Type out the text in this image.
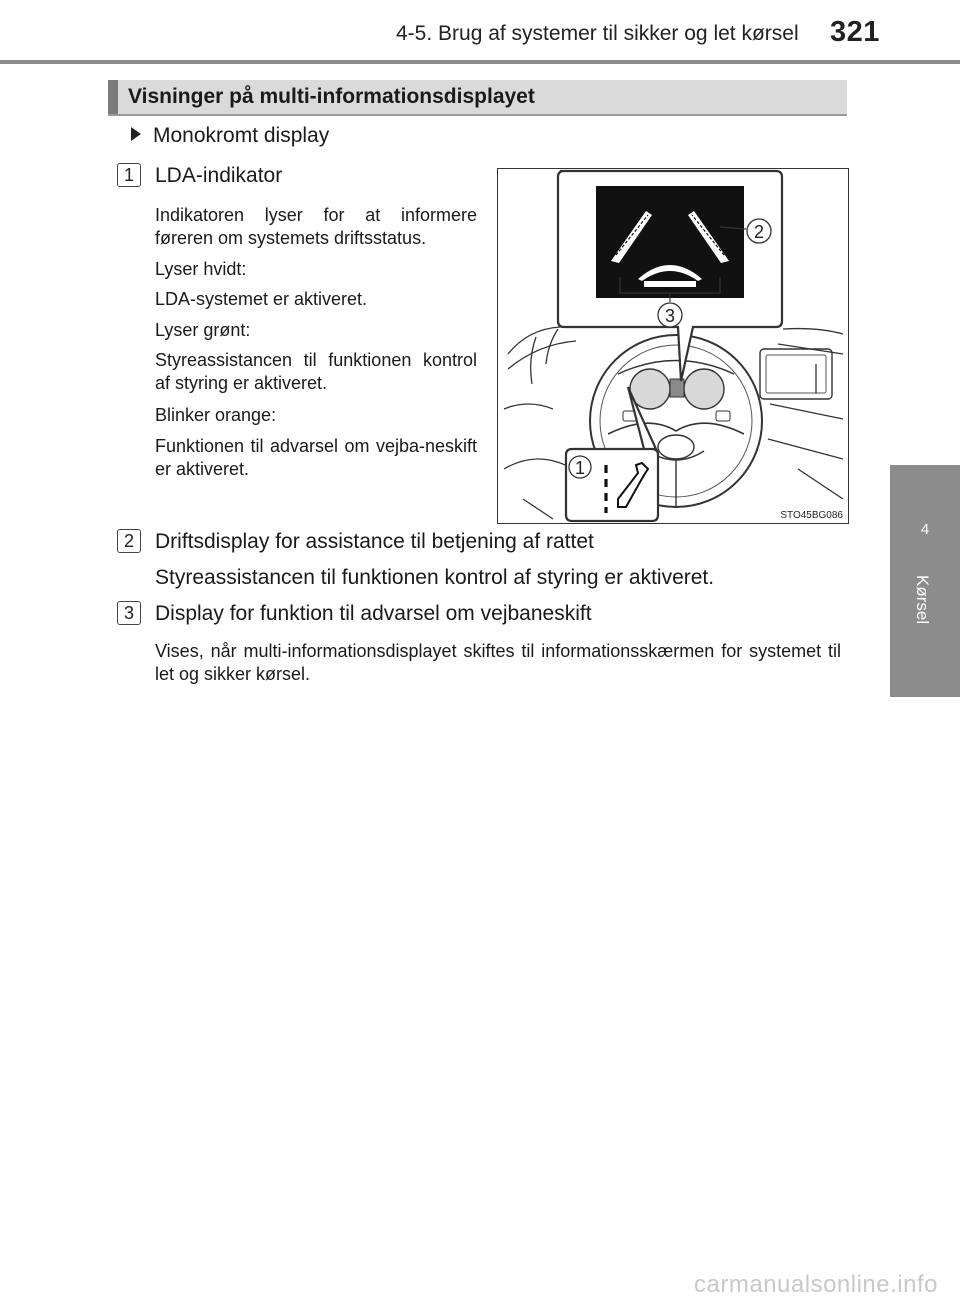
4-5. Brug af systemer til sikker og let kørsel 321
4
Kørsel
Visninger på multi-informationsdisplayet
Monokromt display
1	LDA-indikator
Indikatoren lyser for at informere føreren om systemets driftsstatus.
Lyser hvidt:
LDA-systemet er aktiveret.
Lyser grønt:
Styreassistancen til funktionen kontrol af styring er aktiveret.
Blinker orange:
Funktionen til advarsel om vejba-neskift er aktiveret.
2
3
1
STO45BG086
2	Driftsdisplay for assistance til betjening af rattet
Styreassistancen til funktionen kontrol af styring er aktiveret.
3	Display for funktion til advarsel om vejbaneskift
Vises, når multi-informationsdisplayet skiftes til informationsskærmen for systemet til let og sikker kørsel.
carmanualsonline.info
